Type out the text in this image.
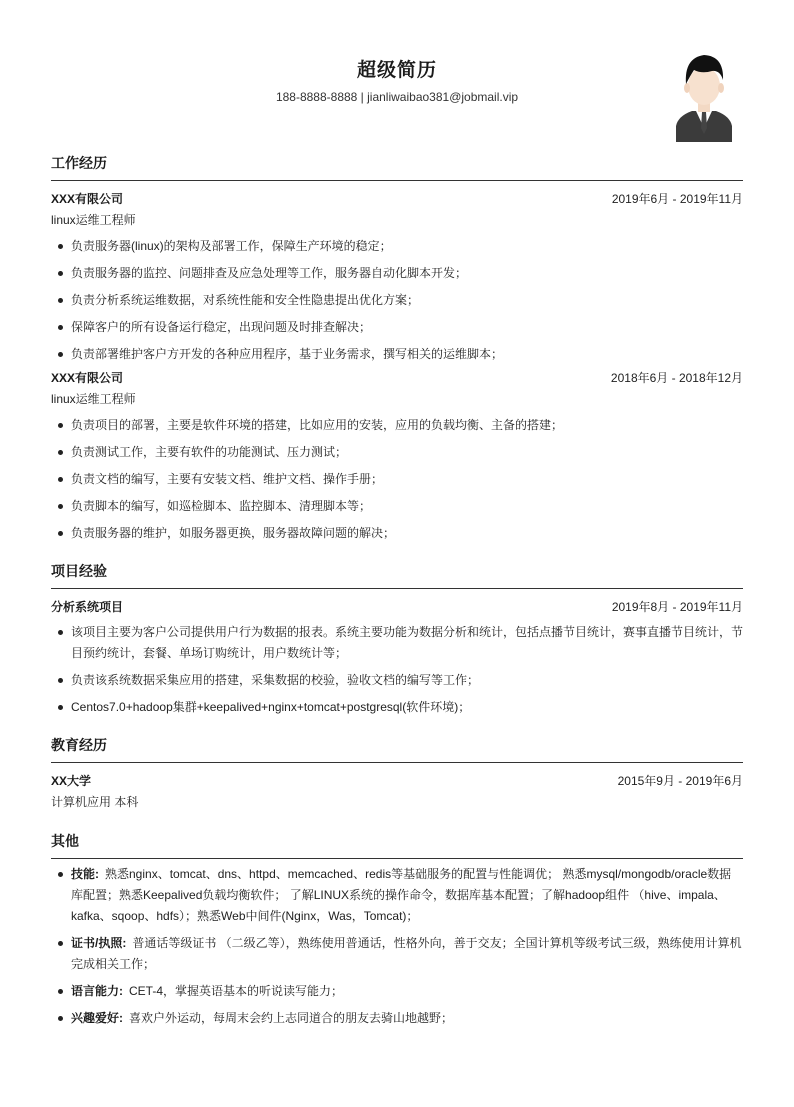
超级简历
188-8888-8888 | jianliwaibao381@jobmail.vip
工作经历
XXX有限公司	2019年6月 - 2019年11月
linux运维工程师
负责服务器(linux)的架构及部署工作，保障生产环境的稳定；
负责服务器的监控、问题排查及应急处理等工作，服务器自动化脚本开发；
负责分析系统运维数据，对系统性能和安全性隐患提出优化方案；
保障客户的所有设备运行稳定，出现问题及时排查解决；
负责部署维护客户方开发的各种应用程序，基于业务需求，撰写相关的运维脚本；
XXX有限公司	2018年6月 - 2018年12月
linux运维工程师
负责项目的部署，主要是软件环境的搭建，比如应用的安装，应用的负载均衡、主备的搭建；
负责测试工作，主要有软件的功能测试、压力测试；
负责文档的编写，主要有安装文档、维护文档、操作手册；
负责脚本的编写，如巡检脚本、监控脚本、清理脚本等；
负责服务器的维护，如服务器更换，服务器故障问题的解决；
项目经验
分析系统项目	2019年8月 - 2019年11月
该项目主要为客户公司提供用户行为数据的报表。系统主要功能为数据分析和统计，包括点播节目统计，赛事直播节目统计，节目预约统计，套餐、单场订购统计，用户数统计等；
负责该系统数据采集应用的搭建，采集数据的校验，验收文档的编写等工作；
Centos7.0+hadoop集群+keepalived+nginx+tomcat+postgresql(软件环境)；
教育经历
XX大学	2015年9月 - 2019年6月
计算机应用 本科
其他
技能: 熟悉nginx、tomcat、dns、httpd、memcached、redis等基础服务的配置与性能调优； 熟悉mysql/mongodb/oracle数据库配置；熟悉Keepalived负载均衡软件； 了解LINUX系统的操作命令，数据库基本配置；了解hadoop组件 （hive、impala、kafka、sqoop、hdfs）；熟悉Web中间件(Nginx，Was，Tomcat)；
证书/执照: 普通话等级证书 （二级乙等），熟练使用普通话，性格外向，善于交友；全国计算机等级考试三级，熟练使用计算机完成相关工作；
语言能力: CET-4，掌握英语基本的听说读写能力；
兴趣爱好: 喜欢户外运动，每周末会约上志同道合的朋友去骑山地越野；
